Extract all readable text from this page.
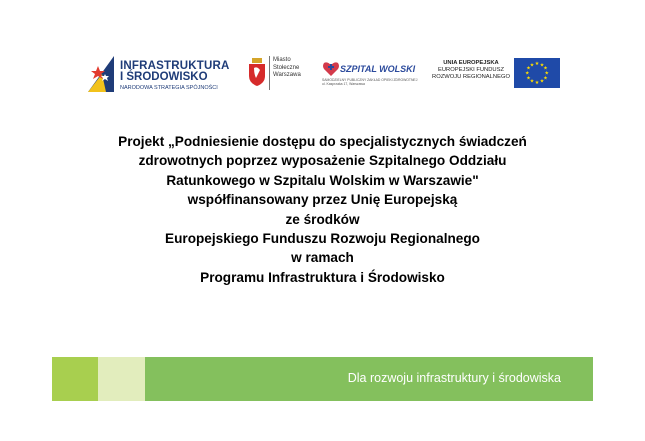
INFRASTRUKTURA
I ŚRODOWISKO
NARODOWA STRATEGIA SPÓJNOŚCI
Miasto
Stołeczne
Warszawa
SZPITAL WOLSKI
SAMODZIELNY PUBLICZNY ZAKŁAD OPIEKI ZDROWOTNEJ
ul. Kasprzaka 17, Warszawa
UNIA EUROPEJSKA
EUROPEJSKI FUNDUSZ
ROZWOJU REGIONALNEGO
★ ★
★
★
★
★
★
★
★
★
★
★
Projekt „Podniesienie dostępu do specjalistycznych świadczeń
zdrowotnych poprzez wyposażenie Szpitalnego Oddziału
Ratunkowego w Szpitalu Wolskim w Warszawie"
współfinansowany przez Unię Europejską
ze środków
Europejskiego Funduszu Rozwoju Regionalnego
w ramach
Programu Infrastruktura i Środowisko
Dla rozwoju infrastruktury i środowiska
